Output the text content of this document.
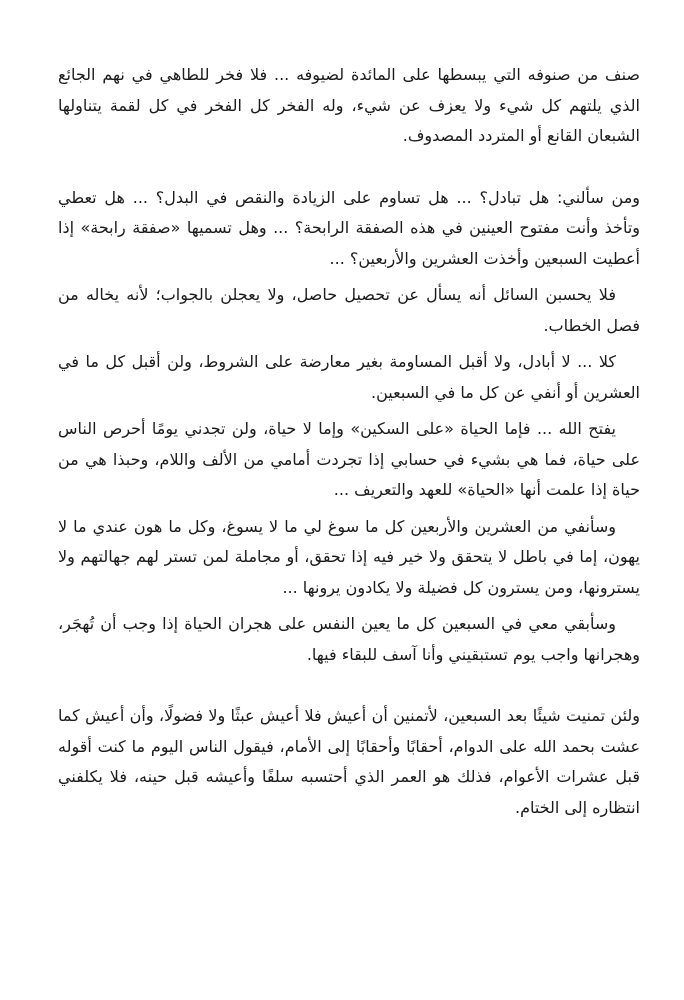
صنف من صنوفه التي يبسطها على المائدة لضيوفه ... فلا فخر للطاهي في نهم الجائع الذي يلتهم كل شيء ولا يعزف عن شيء، وله الفخر كل الفخر في كل لقمة يتناولها الشبعان القانع أو المتردد المصدوف.

ومن سألني: هل تبادل؟ ... هل تساوم على الزيادة والنقص في البدل؟ ... هل تعطي وتأخذ وأنت مفتوح العينين في هذه الصفقة الرابحة؟ ... وهل تسميها «صفقة رابحة» إذا أعطيت السبعين وأخذت العشرين والأربعين؟ ...

فلا يحسبن السائل أنه يسأل عن تحصيل حاصل، ولا يعجلن بالجواب؛ لأنه يخاله من فصل الخطاب.

كلا ... لا أبادل، ولا أقبل المساومة بغير معارضة على الشروط، ولن أقبل كل ما في العشرين أو أنفي عن كل ما في السبعين.

يفتح الله ... فإما الحياة «على السكين» وإما لا حياة، ولن تجدني يومًا أحرص الناس على حياة، فما هي بشيء في حسابي إذا تجردت أمامي من الألف واللام، وحبذا هي من حياة إذا علمت أنها «الحياة» للعهد والتعريف ...

وسأنفي من العشرين والأربعين كل ما سوغ لي ما لا يسوغ، وكل ما هون عندي ما لا يهون، إما في باطل لا يتحقق ولا خير فيه إذا تحقق، أو مجاملة لمن تستر لهم جهالتهم ولا يسترونها، ومن يسترون كل فضيلة ولا يكادون يرونها ...

وسأبقي معي في السبعين كل ما يعين النفس على هجران الحياة إذا وجب أن تُهجَر، وهجرانها واجب يوم تستبقيني وأنا آسف للبقاء فيها.

ولئن تمنيت شيئًا بعد السبعين، لأتمنين أن أعيش فلا أعيش عبثًا ولا فضولًا، وأن أعيش كما عشت بحمد الله على الدوام، أحقابًا وأحقابًا إلى الأمام، فيقول الناس اليوم ما كنت أقوله قبل عشرات الأعوام، فذلك هو العمر الذي أحتسبه سلفًا وأعيشه قبل حينه، فلا يكلفني انتظاره إلى الختام.
